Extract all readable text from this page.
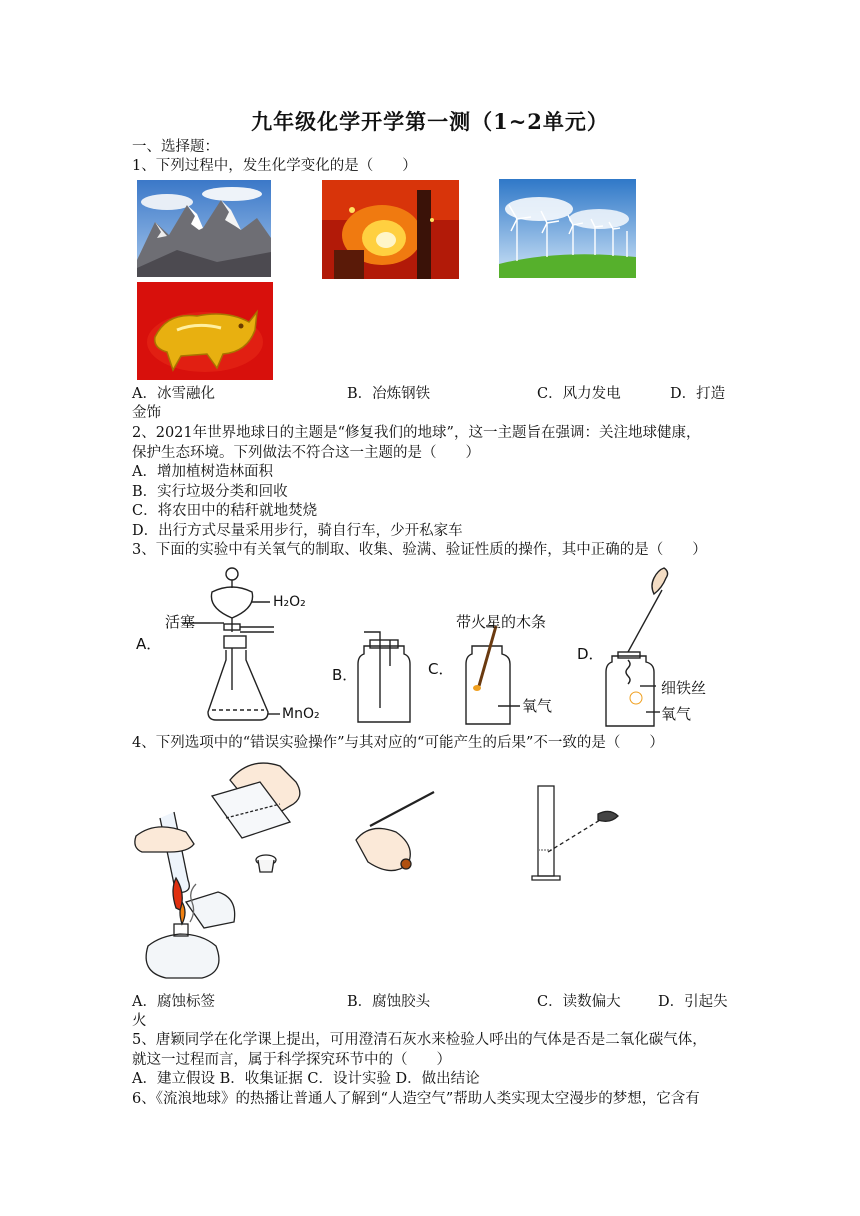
九年级化学开学第一测（1~2单元）
一、选择题：
1、下列过程中，发生化学变化的是（　　）
A．冰雪融化	B．冶炼钢铁	C．风力发电	D．打造
金饰
2、2021年世界地球日的主题是“修复我们的地球”，这一主题旨在强调：关注地球健康，
保护生态环境。下列做法不符合这一主题的是（　　）
A．增加植树造林面积
B．实行垃圾分类和回收
C．将农田中的秸秆就地焚烧
D．出行方式尽量采用步行，骑自行车，少开私家车
3、下面的实验中有关氧气的制取、收集、验满、验证性质的操作，其中正确的是（　　）
A．
活塞
H₂O₂
MnO₂
B．	C．
带火星的木条
氧气
D．
细铁丝
氧气
4、下列选项中的“错误实验操作”与其对应的“可能产生的后果”不一致的是（　　）
A．腐蚀标签	B．腐蚀胶头	C．读数偏大	D．引起失
火
5、唐颖同学在化学课上提出，可用澄清石灰水来检验人呼出的气体是否是二氧化碳气体，
就这一过程而言，属于科学探究环节中的（　　）
A．建立假设 B．收集证据 C．设计实验 D．做出结论
6、《流浪地球》的热播让普通人了解到“人造空气”帮助人类实现太空漫步的梦想，它含有
